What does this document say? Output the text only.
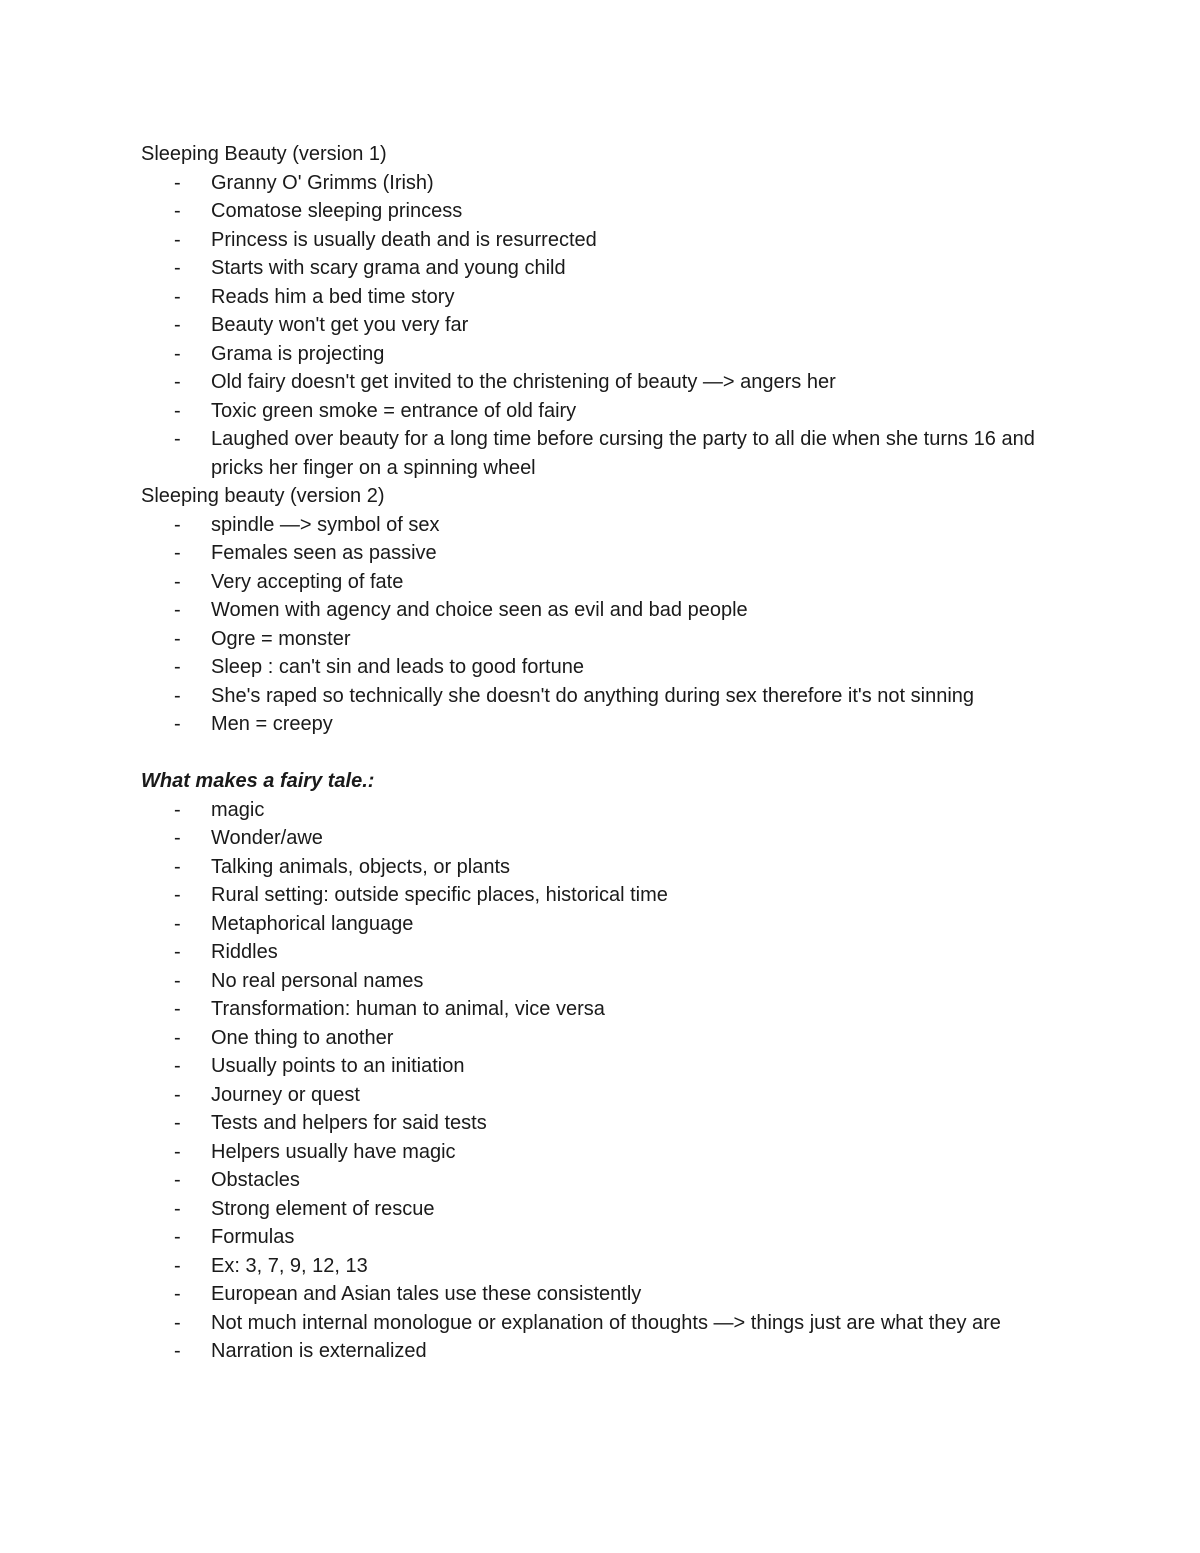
Sleeping Beauty (version 1)

- Granny O' Grimms (Irish)
- Comatose sleeping princess
- Princess is usually death and is resurrected
- Starts with scary grama and young child
- Reads him a bed time story
- Beauty won't get you very far
- Grama is projecting
- Old fairy doesn't get invited to the christening of beauty —> angers her
- Toxic green smoke = entrance of old fairy
- Laughed over beauty for a long time before cursing the party to all die when she turns 16 and pricks her finger on a spinning wheel

Sleeping beauty (version 2)

- spindle —> symbol of sex
- Females seen as passive
- Very accepting of fate
- Women with agency and choice seen as evil and bad people
- Ogre = monster
- Sleep : can't sin and leads to good fortune
- She's raped so technically she doesn't do anything during sex therefore it's not sinning
- Men = creepy

What makes a fairy tale.:

- magic
- Wonder/awe
- Talking animals, objects, or plants
- Rural setting: outside specific places, historical time
- Metaphorical language
- Riddles
- No real personal names
- Transformation: human to animal, vice versa
- One thing to another
- Usually points to an initiation
- Journey or quest
- Tests and helpers for said tests
- Helpers usually have magic
- Obstacles
- Strong element of rescue
- Formulas
- Ex: 3, 7, 9, 12, 13
- European and Asian tales use these consistently
- Not much internal monologue or explanation of thoughts —> things just are what they are
- Narration is externalized
